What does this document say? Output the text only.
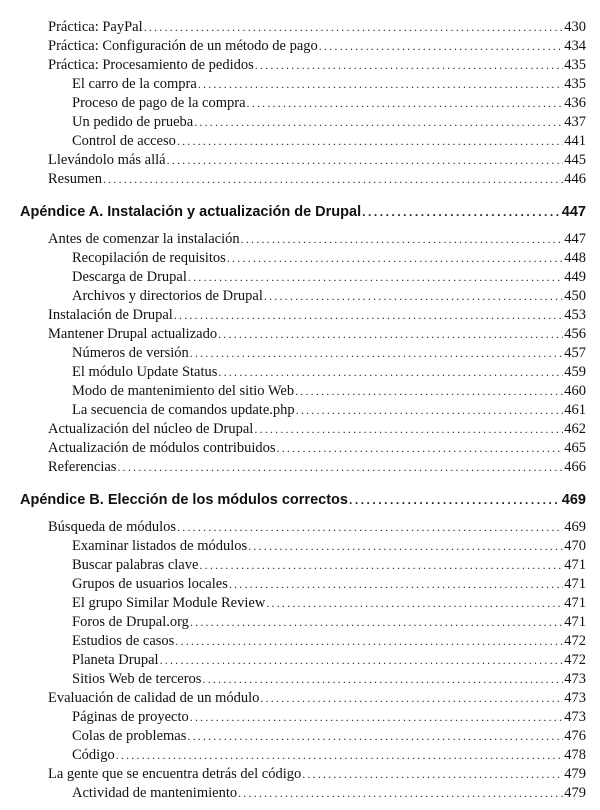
Práctica: PayPal . . .	430
Práctica: Configuración de un método de pago . . .	434
Práctica: Procesamiento de pedidos . . .	435
El carro de la compra . . .	435
Proceso de pago de la compra . . .	436
Un pedido de prueba . . .	437
Control de acceso . . .	441
Llevándolo más allá . . .	445
Resumen . . .	446
Apéndice A. Instalación y actualización de Drupal . . .	447
Antes de comenzar la instalación . . .	447
Recopilación de requisitos . . .	448
Descarga de Drupal . . .	449
Archivos y directorios de Drupal . . .	450
Instalación de Drupal . . .	453
Mantener Drupal actualizado . . .	456
Números de versión . . .	457
El módulo Update Status . . .	459
Modo de mantenimiento del sitio Web . . .	460
La secuencia de comandos update.php . . .	461
Actualización del núcleo de Drupal . . .	462
Actualización de módulos contribuidos . . .	465
Referencias . . .	466
Apéndice B. Elección de los módulos correctos . . .	469
Búsqueda de módulos . . .	469
Examinar listados de módulos . . .	470
Buscar palabras clave . . .	471
Grupos de usuarios locales . . .	471
El grupo Similar Module Review . . .	471
Foros de Drupal.org . . .	471
Estudios de casos . . .	472
Planeta Drupal . . .	472
Sitios Web de terceros . . .	473
Evaluación de calidad de un módulo . . .	473
Páginas de proyecto . . .	473
Colas de problemas . . .	476
Código . . .	478
La gente que se encuentra detrás del código . . .	479
Actividad de mantenimiento . . .	479
